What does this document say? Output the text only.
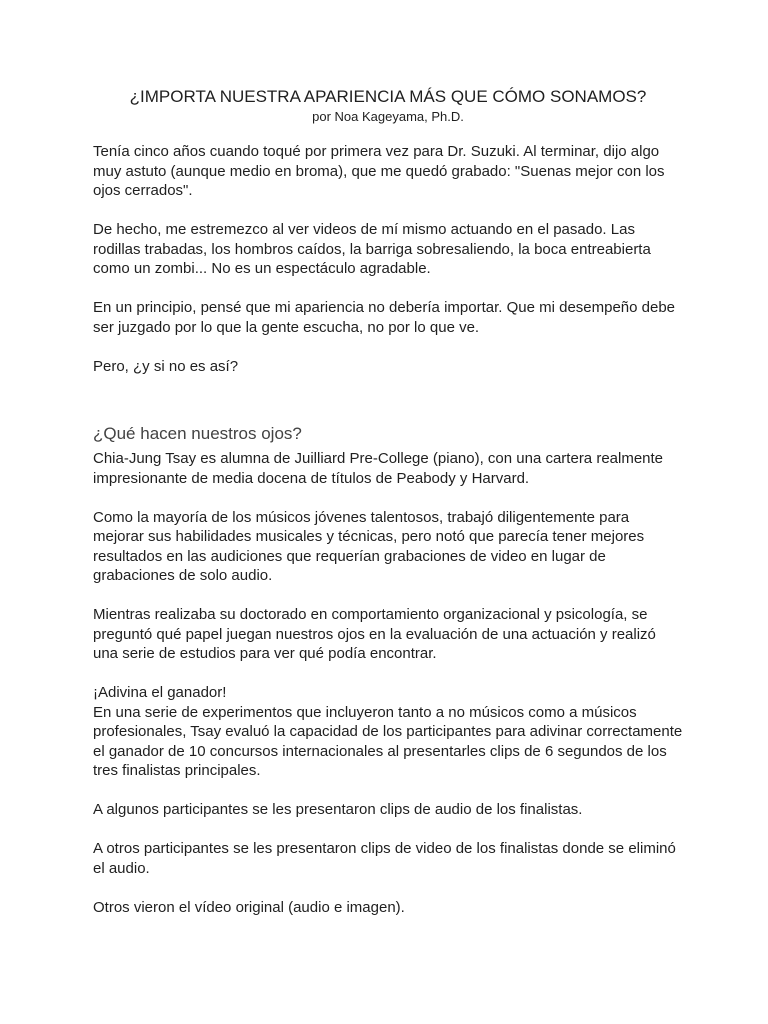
¿IMPORTA NUESTRA APARIENCIA MÁS QUE CÓMO SONAMOS?

por Noa Kageyama, Ph.D.

Tenía cinco años cuando toqué por primera vez para Dr. Suzuki. Al terminar, dijo algo muy astuto (aunque medio en broma), que me quedó grabado: "Suenas mejor con los ojos cerrados".

De hecho, me estremezco al ver videos de mí mismo actuando en el pasado. Las rodillas trabadas, los hombros caídos, la barriga sobresaliendo, la boca entreabierta como un zombi... No es un espectáculo agradable.

En un principio, pensé que mi apariencia no debería importar. Que mi desempeño debe ser juzgado por lo que la gente escucha, no por lo que ve.

Pero, ¿y si no es así?

¿Qué hacen nuestros ojos?

Chia-Jung Tsay es alumna de Juilliard Pre-College (piano), con una cartera realmente impresionante de media docena de títulos de Peabody y Harvard.

Como la mayoría de los músicos jóvenes talentosos, trabajó diligentemente para mejorar sus habilidades musicales y técnicas, pero notó que parecía tener mejores resultados en las audiciones que requerían grabaciones de video en lugar de grabaciones de solo audio.

Mientras realizaba su doctorado en comportamiento organizacional y psicología, se preguntó qué papel juegan nuestros ojos en la evaluación de una actuación y realizó una serie de estudios para ver qué podía encontrar.

¡Adivina el ganador!

En una serie de experimentos que incluyeron tanto a no músicos como a músicos profesionales, Tsay evaluó la capacidad de los participantes para adivinar correctamente el ganador de 10 concursos internacionales al presentarles clips de 6 segundos de los tres finalistas principales.

A algunos participantes se les presentaron clips de audio de los finalistas.

A otros participantes se les presentaron clips de video de los finalistas donde se eliminó el audio.

Otros vieron el vídeo original (audio e imagen).
